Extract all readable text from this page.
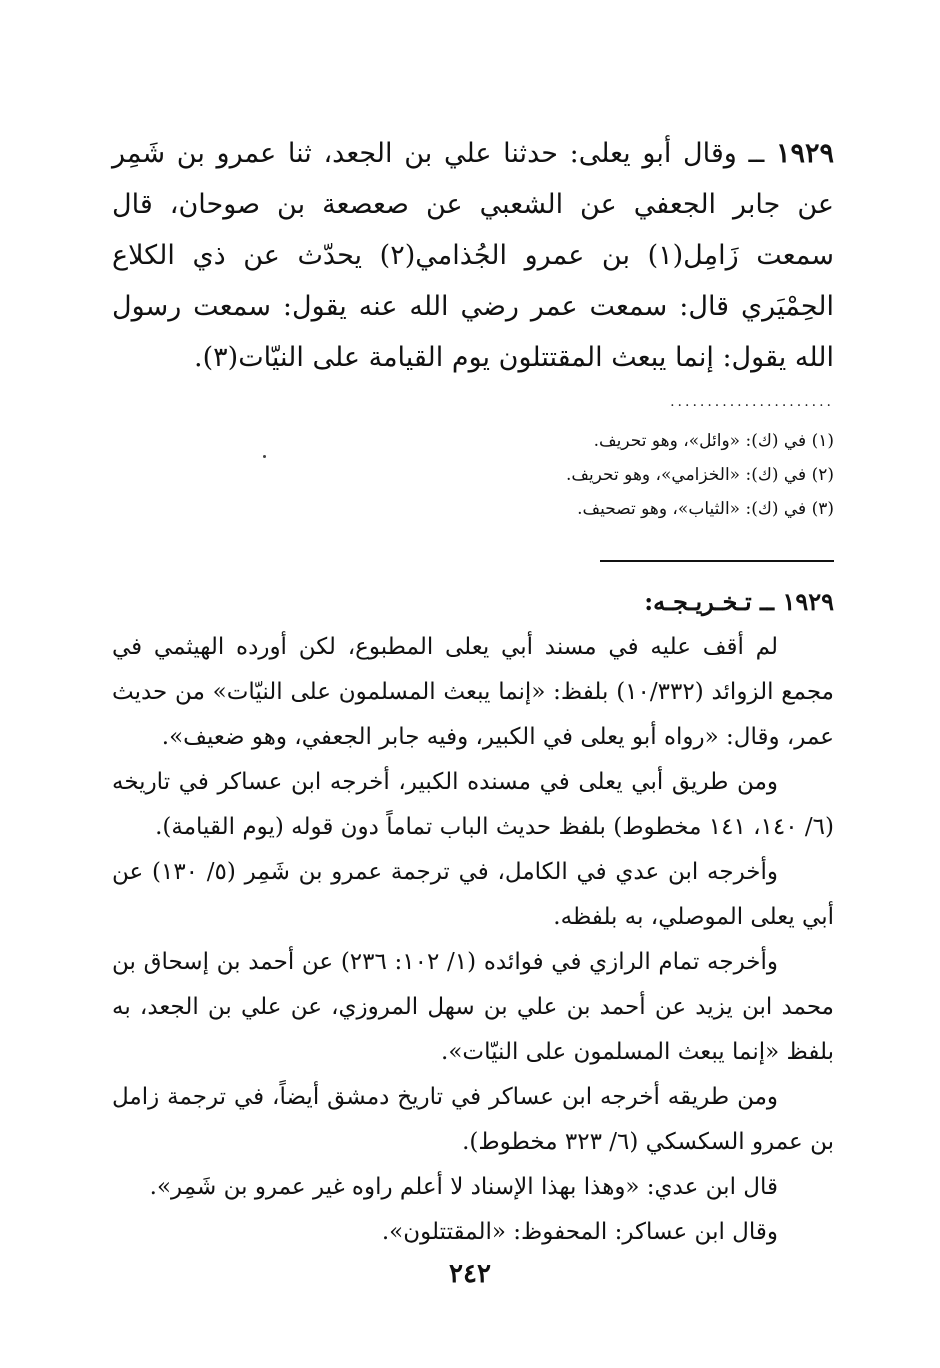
١٩٢٩ ــ وقال أبو يعلى: حدثنا علي بن الجعد، ثنا عمرو بن شَمِر عن جابر الجعفي عن الشعبي عن صعصعة بن صوحان، قال سمعت زَامِل(١) بن عمرو الجُذامي(٢) يحدّث عن ذي الكلاع الحِمْيَري قال: سمعت عمر رضي الله عنه يقول: سمعت رسول الله يقول: إنما يبعث المقتتلون يوم القيامة على النيّات(٣).

......................
(١) في (ك): «وائل»، وهو تحريف.
(٢) في (ك): «الخزامي»، وهو تحريف.
(٣) في (ك): «الثياب»، وهو تصحيف.
١٩٢٩ ــ تـخـريـجـه:

لم أقف عليه في مسند أبي يعلى المطبوع، لكن أورده الهيثمي في مجمع الزوائد (١٠/٣٣٢) بلفظ: «إنما يبعث المسلمون على النيّات» من حديث عمر، وقال: «رواه أبو يعلى في الكبير، وفيه جابر الجعفي، وهو ضعيف».

ومن طريق أبي يعلى في مسنده الكبير، أخرجه ابن عساكر في تاريخه (٦/ ١٤٠، ١٤١ مخطوط) بلفظ حديث الباب تماماً دون قوله (يوم القيامة).

وأخرجه ابن عدي في الكامل، في ترجمة عمرو بن شَمِر (٥/ ١٣٠) عن أبي يعلى الموصلي، به بلفظه.

وأخرجه تمام الرازي في فوائده (١/ ١٠٢: ٢٣٦) عن أحمد بن إسحاق بن محمد ابن يزيد عن أحمد بن علي بن سهل المروزي، عن علي بن الجعد، به بلفظ «إنما يبعث المسلمون على النيّات».

ومن طريقه أخرجه ابن عساكر في تاريخ دمشق أيضاً، في ترجمة زامل بن عمرو السكسكي (٦/ ٣٢٣ مخطوط).

قال ابن عدي: «وهذا بهذا الإسناد لا أعلم راوه غير عمرو بن شَمِر».

وقال ابن عساكر: المحفوظ: «المقتتلون».

٢٤٢
